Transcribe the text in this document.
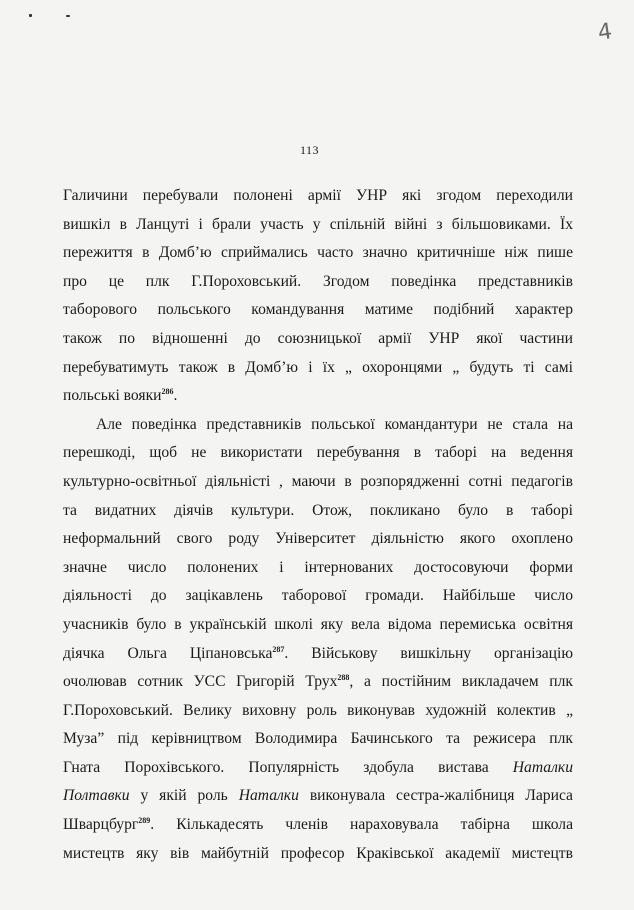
4
113
Галичини перебували полонені армії УНР які згодом переходили
вишкіл в Ланцуті і брали участь у спільній війні з більшовиками. Їх
пережиття в Домб’ю сприймались часто значно критичніше ніж пише
про це плк Г.Пороховський. Згодом поведінка представників
таборового польського командування матиме подібний характер
також по відношенні до союзницької армії УНР якої частини
перебуватимуть також в Домб’ю і їх „ охоронцями „ будуть ті самі
польські вояки$^{286}$.
Але поведінка представників польської командантури не стала на
перешкоді, щоб не використати перебування в таборі на ведення
культурно-освітньої діяльністі , маючи в розпорядженні сотні педагогів
та видатних діячів культури. Отож, покликано було в таборі
неформальний свого роду Університет діяльністю якого охоплено
значне число полонених і інтернованих достосовуючи форми
діяльності до зацікавлень таборової громади. Найбільше число
учасників було в українській школі яку вела відома перемиська освітня
діячка Ольга Ціпановська$^{287}$. Військову вишкільну організацію
очолював сотник УСС Григорій Трух$^{288}$, а постійним викладачем плк
Г.Пороховський. Велику виховну роль виконував художній колектив „
Муза” під керівництвом Володимира Бачинського та режисера плк
Гната Порохівського. Популярність здобула вистава Наталки
Полтавки у якій роль Наталки виконувала сестра-жалібниця Лариса
Шварцбург$^{289}$. Кількадесять членів нараховувала табірна школа
мистецтв яку вів майбутній професор Краківської академії мистецтв
